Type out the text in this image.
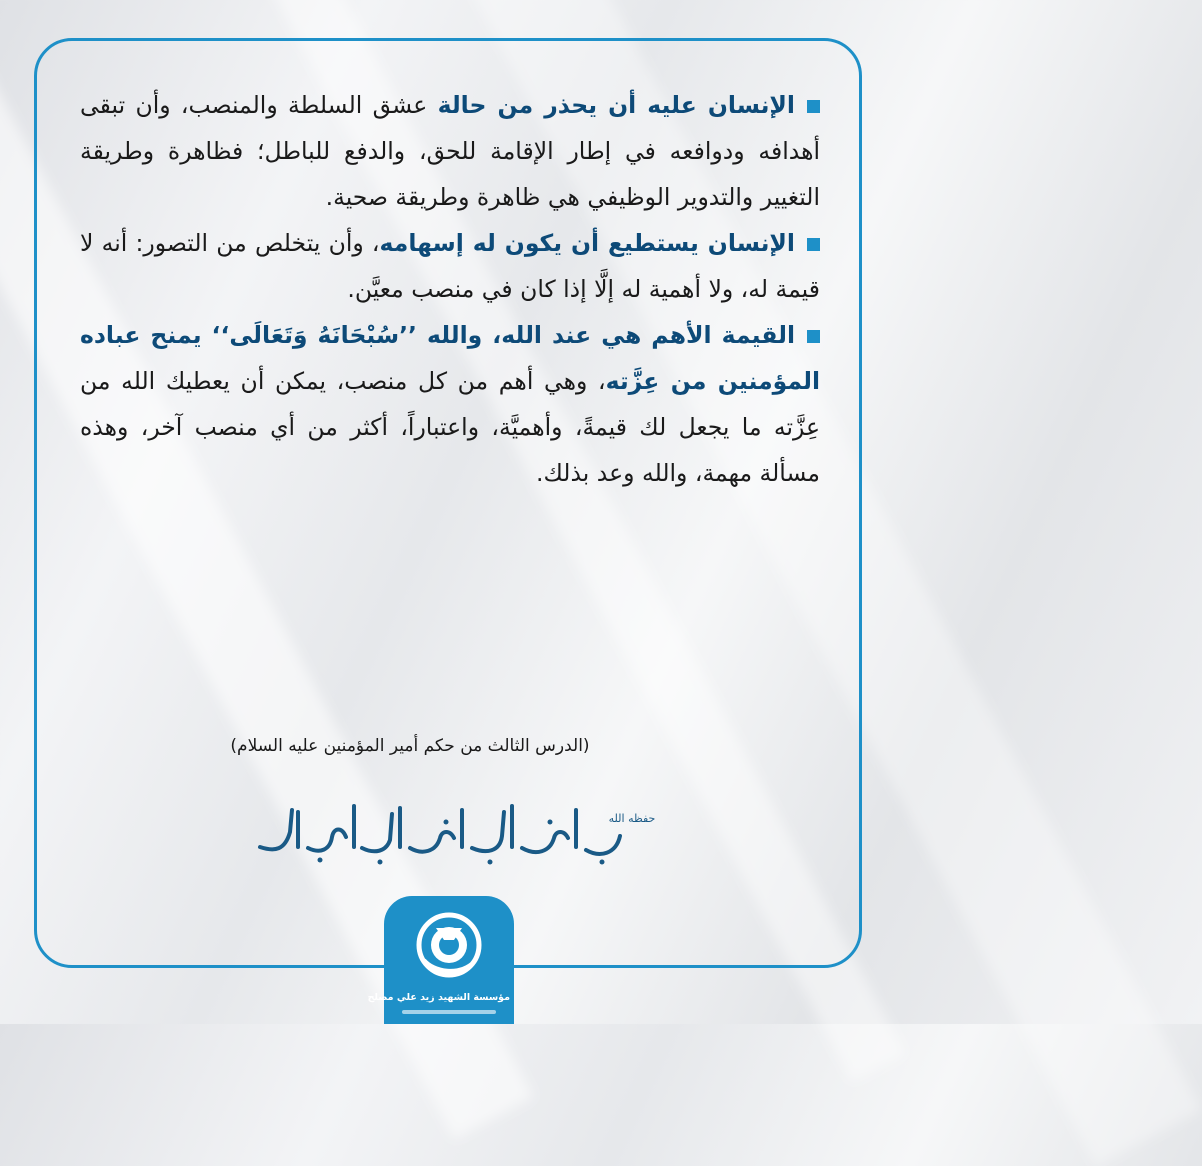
الإنسان عليه أن يحذر من حالة عشق السلطة والمنصب، وأن تبقى أهدافه ودوافعه في إطار الإقامة للحق، والدفع للباطل؛ فظاهرة وطريقة التغيير والتدوير الوظيفي هي ظاهرة وطريقة صحية.

الإنسان يستطيع أن يكون له إسهامه، وأن يتخلص من التصور: أنه لا قيمة له، ولا أهمية له إلَّا إذا كان في منصب معيَّن.

القيمة الأهم هي عند الله، والله ’’سُبْحَانَهُ وَتَعَالَى‘‘ يمنح عباده المؤمنين من عِزَّته، وهي أهم من كل منصب، يمكن أن يعطيك الله من عِزَّته ما يجعل لك قيمةً، وأهميَّة، واعتباراً، أكثر من أي منصب آخر، وهذه مسألة مهمة، والله وعد بذلك.

(الدرس الثالث من حكم أمير المؤمنين عليه السلام)
حفظه الله
مؤسسة الشهيد زيد علي مصلح
